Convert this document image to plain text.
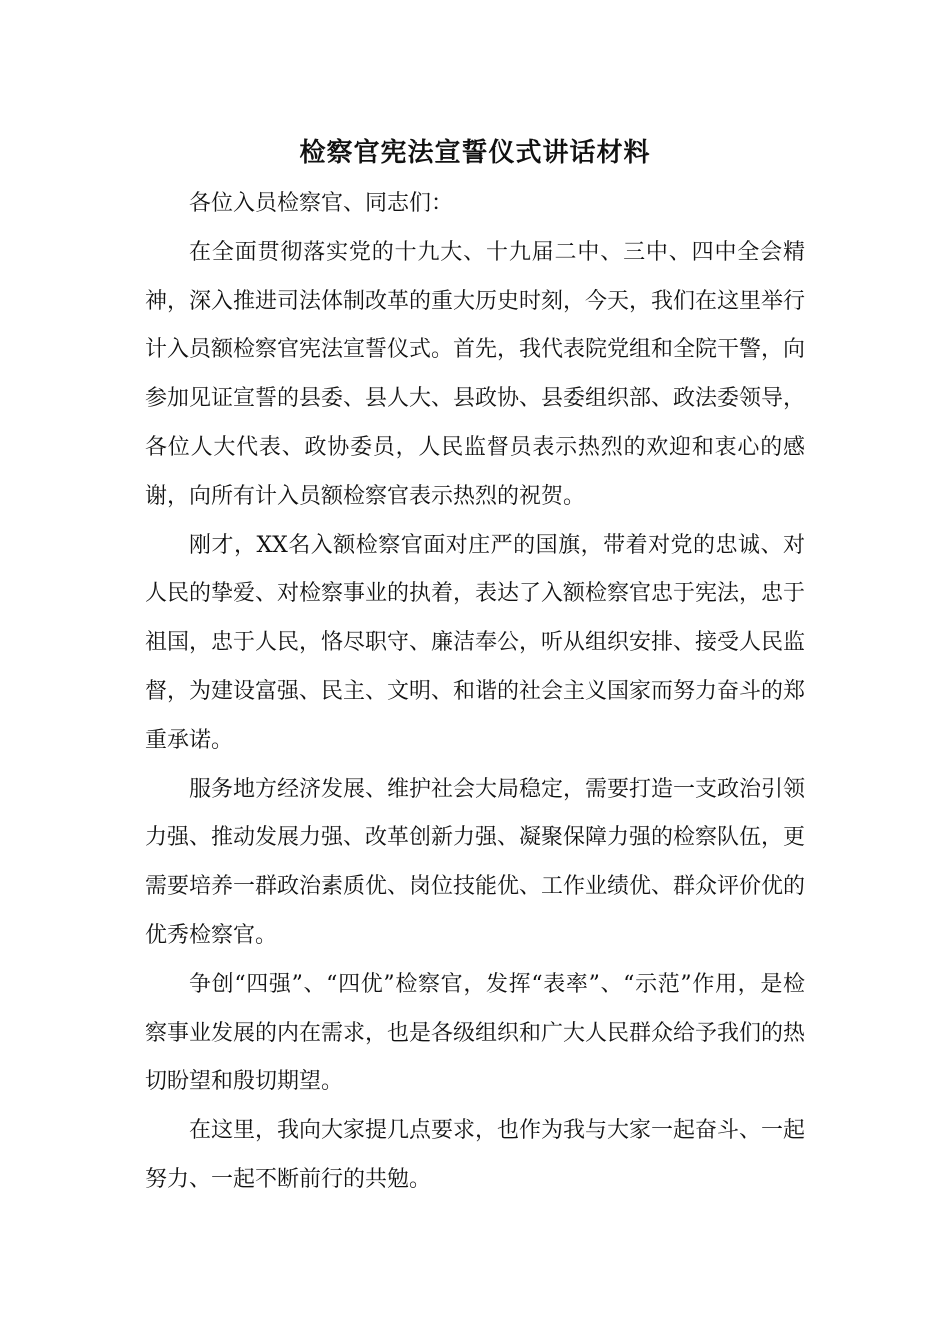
检察官宪法宣誓仪式讲话材料

各位入员检察官、同志们：

在全面贯彻落实党的十九大、十九届二中、三中、四中全会精神，深入推进司法体制改革的重大历史时刻，今天，我们在这里举行计入员额检察官宪法宣誓仪式。首先，我代表院党组和全院干警，向参加见证宣誓的县委、县人大、县政协、县委组织部、政法委领导，各位人大代表、政协委员，人民监督员表示热烈的欢迎和衷心的感谢，向所有计入员额检察官表示热烈的祝贺。

刚才，XX名入额检察官面对庄严的国旗，带着对党的忠诚、对人民的挚爱、对检察事业的执着，表达了入额检察官忠于宪法，忠于祖国，忠于人民，恪尽职守、廉洁奉公，听从组织安排、接受人民监督，为建设富强、民主、文明、和谐的社会主义国家而努力奋斗的郑重承诺。

服务地方经济发展、维护社会大局稳定，需要打造一支政治引领力强、推动发展力强、改革创新力强、凝聚保障力强的检察队伍，更需要培养一群政治素质优、岗位技能优、工作业绩优、群众评价优的优秀检察官。

争创“四强”、“四优”检察官，发挥“表率”、“示范”作用，是检察事业发展的内在需求，也是各级组织和广大人民群众给予我们的热切盼望和殷切期望。

在这里，我向大家提几点要求，也作为我与大家一起奋斗、一起努力、一起不断前行的共勉。
